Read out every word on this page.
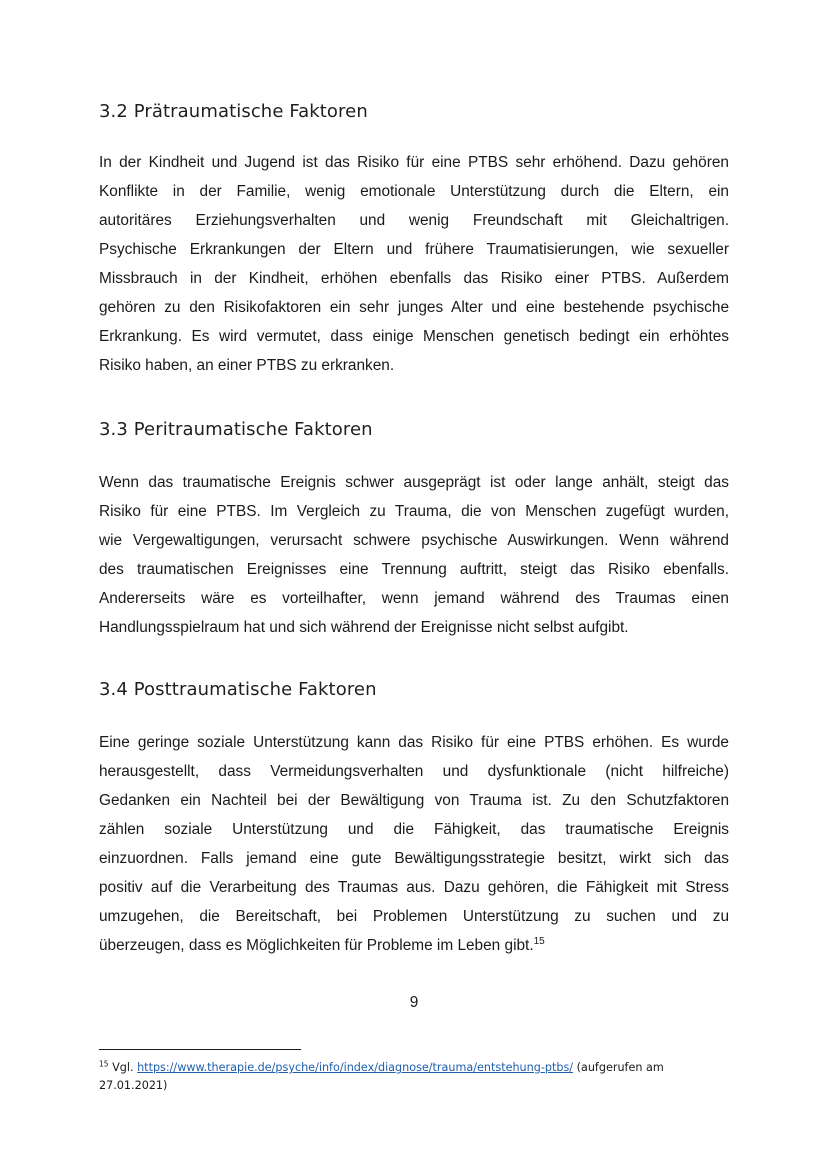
3.2 Prätraumatische Faktoren
In der Kindheit und Jugend ist das Risiko für eine PTBS sehr erhöhend. Dazu gehören
Konflikte in der Familie, wenig emotionale Unterstützung durch die Eltern, ein
autoritäres Erziehungsverhalten und wenig Freundschaft mit Gleichaltrigen.
Psychische Erkrankungen der Eltern und frühere Traumatisierungen, wie sexueller
Missbrauch in der Kindheit, erhöhen ebenfalls das Risiko einer PTBS. Außerdem
gehören zu den Risikofaktoren ein sehr junges Alter und eine bestehende psychische
Erkrankung. Es wird vermutet, dass einige Menschen genetisch bedingt ein erhöhtes
Risiko haben, an einer PTBS zu erkranken.
3.3 Peritraumatische Faktoren
Wenn das traumatische Ereignis schwer ausgeprägt ist oder lange anhält, steigt das
Risiko für eine PTBS. Im Vergleich zu Trauma, die von Menschen zugefügt wurden,
wie Vergewaltigungen, verursacht schwere psychische Auswirkungen. Wenn während
des traumatischen Ereignisses eine Trennung auftritt, steigt das Risiko ebenfalls.
Andererseits wäre es vorteilhafter, wenn jemand während des Traumas einen
Handlungsspielraum hat und sich während der Ereignisse nicht selbst aufgibt.
3.4 Posttraumatische Faktoren
Eine geringe soziale Unterstützung kann das Risiko für eine PTBS erhöhen. Es wurde
herausgestellt, dass Vermeidungsverhalten und dysfunktionale (nicht hilfreiche)
Gedanken ein Nachteil bei der Bewältigung von Trauma ist. Zu den Schutzfaktoren
zählen soziale Unterstützung und die Fähigkeit, das traumatische Ereignis
einzuordnen. Falls jemand eine gute Bewältigungsstrategie besitzt, wirkt sich das
positiv auf die Verarbeitung des Traumas aus. Dazu gehören, die Fähigkeit mit Stress
umzugehen, die Bereitschaft, bei Problemen Unterstützung zu suchen und zu
überzeugen, dass es Möglichkeiten für Probleme im Leben gibt.$^{15}$

9

$^{15}$ Vgl. https://www.therapie.de/psyche/info/index/diagnose/trauma/entstehung-ptbs/ (aufgerufen am
27.01.2021)
